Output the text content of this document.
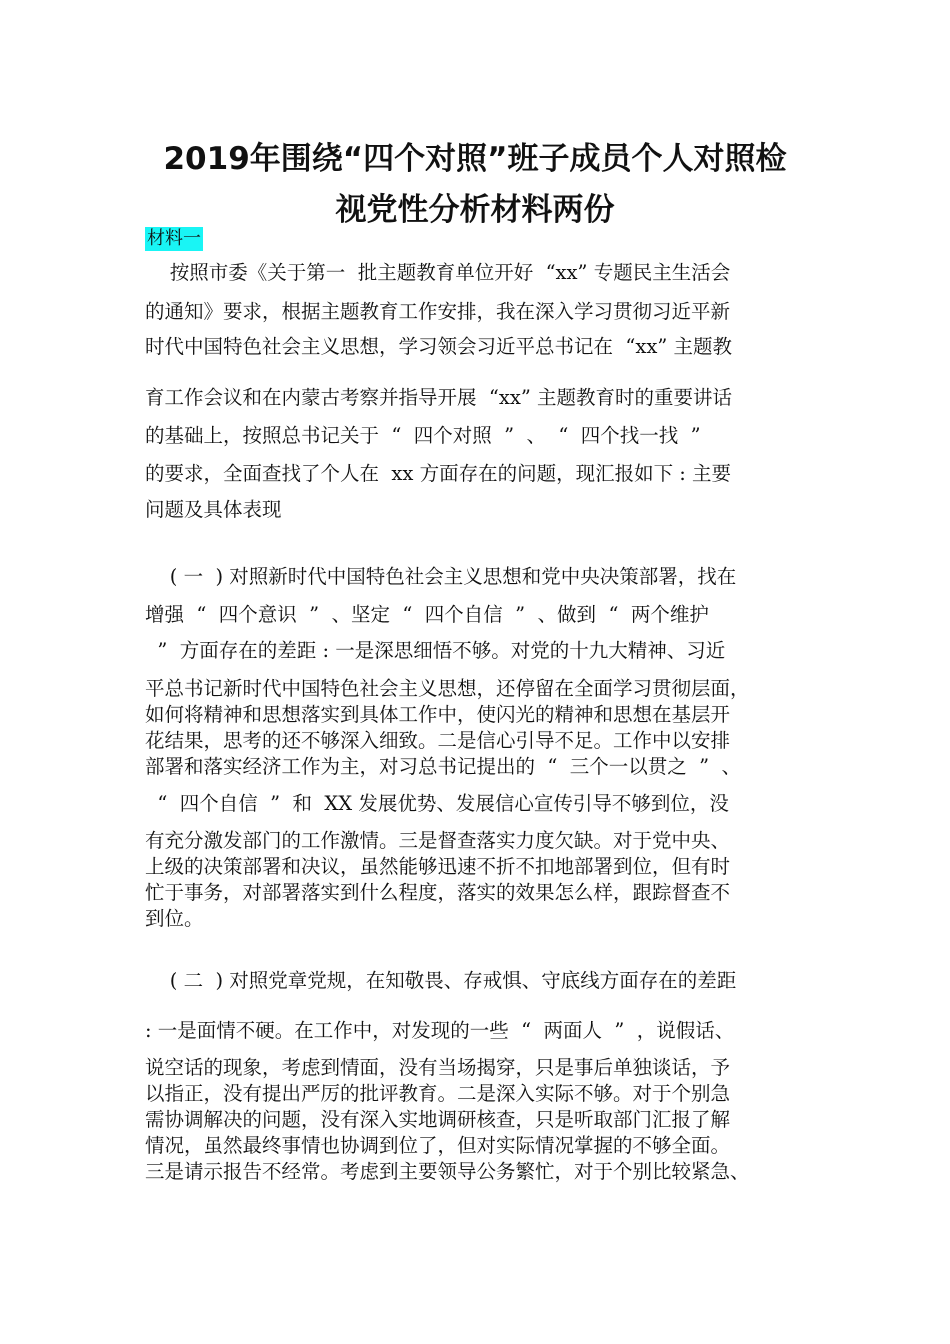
2019年围绕“四个对照”班子成员个人对照检
视党性分析材料两份
材料一
按照市委《关于第一  批主题教育单位开好  “xx” 专题民主生活会
的通知》要求，根据主题教育工作安排，我在深入学习贯彻习近平新
时代中国特色社会主义思想，学习领会习近平总书记在  “xx” 主题教
育工作会议和在内蒙古考察并指导开展  “xx” 主题教育时的重要讲话
的基础上，按照总书记关于  “  四个对照  ”  、  “  四个找一找  ”
的要求，全面查找了个人在  xx 方面存在的问题，现汇报如下 : 主要
问题及具体表现
( 一  ) 对照新时代中国特色社会主义思想和党中央决策部署，找在
增强  “  四个意识  ”  、坚定  “  四个自信  ”  、做到  “  两个维护
”  方面存在的差距 : 一是深思细悟不够。对党的十九大精神、习近
平总书记新时代中国特色社会主义思想，还停留在全面学习贯彻层面，
如何将精神和思想落实到具体工作中，使闪光的精神和思想在基层开
花结果，思考的还不够深入细致。二是信心引导不足。工作中以安排
部署和落实经济工作为主，对习总书记提出的  “  三个一以贯之  ”  、
“  四个自信  ”  和  XX 发展优势、发展信心宣传引导不够到位，没
有充分激发部门的工作激情。三是督查落实力度欠缺。对于党中央、
上级的决策部署和决议，虽然能够迅速不折不扣地部署到位，但有时
忙于事务，对部署落实到什么程度，落实的效果怎么样，跟踪督查不
到位。
( 二  ) 对照党章党规，在知敬畏、存戒惧、守底线方面存在的差距
: 一是面情不硬。在工作中，对发现的一些  “  两面人  ”  ，说假话、
说空话的现象，考虑到情面，没有当场揭穿，只是事后单独谈话，予
以指正，没有提出严厉的批评教育。二是深入实际不够。对于个别急
需协调解决的问题，没有深入实地调研核查，只是听取部门汇报了解
情况，虽然最终事情也协调到位了，但对实际情况掌握的不够全面。
三是请示报告不经常。考虑到主要领导公务繁忙，对于个别比较紧急、
